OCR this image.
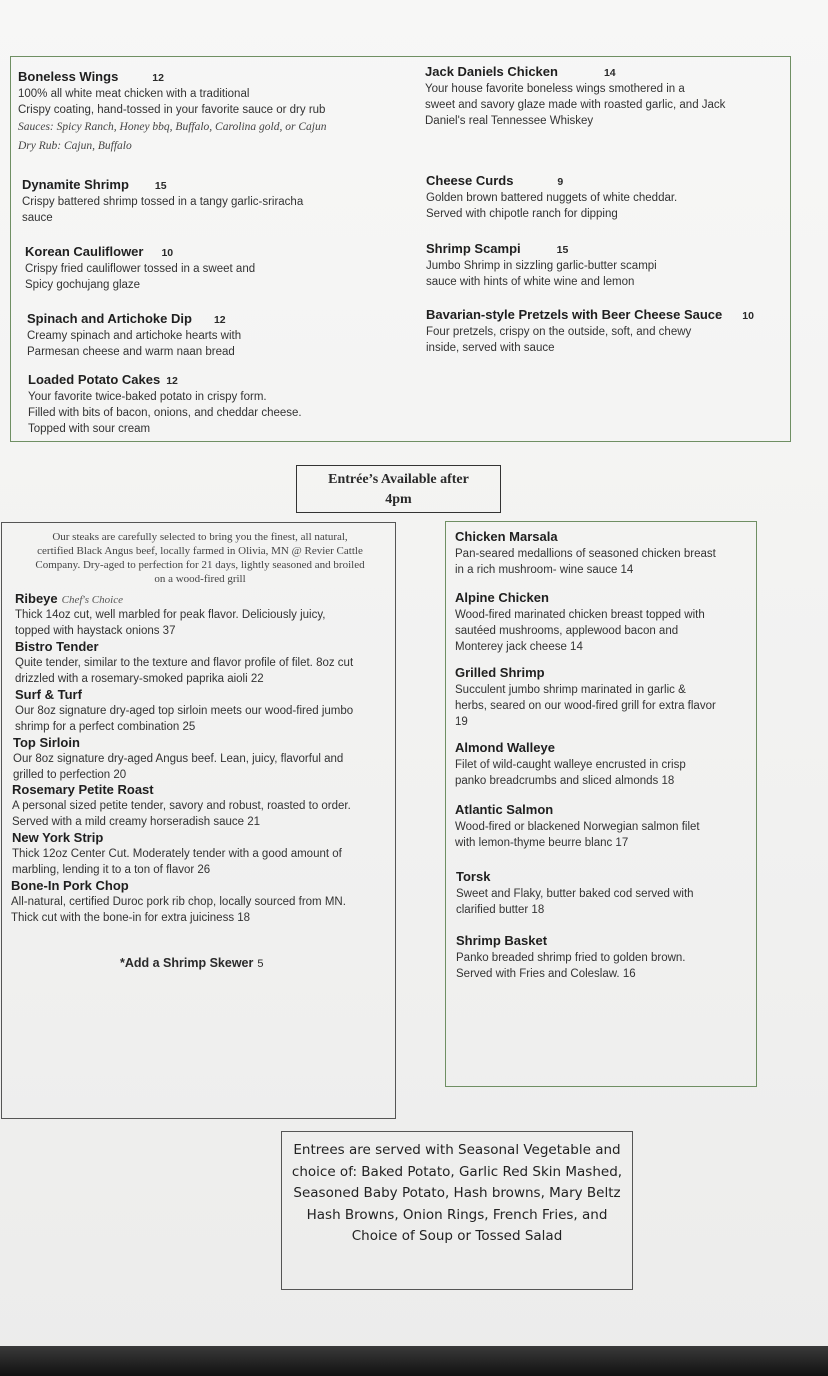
Boneless Wings	12
100% all white meat chicken with a traditional
Crispy coating, hand-tossed in your favorite sauce or dry rub
Sauces: Spicy Ranch, Honey bbq, Buffalo, Carolina gold, or Cajun
Dry Rub: Cajun, Buffalo
Dynamite Shrimp 15
Crispy battered shrimp tossed in a tangy garlic-sriracha
sauce
Korean Cauliflower 10
Crispy fried cauliflower tossed in a sweet and
Spicy gochujang glaze
Spinach and Artichoke Dip 12
Creamy spinach and artichoke hearts with
Parmesan cheese and warm naan bread
Loaded Potato Cakes 12
Your favorite twice-baked potato in crispy form.
Filled with bits of bacon, onions, and cheddar cheese.
Topped with sour cream
Jack Daniels Chicken	14
Your house favorite boneless wings smothered in a
sweet and savory glaze made with roasted garlic, and Jack
Daniel's real Tennessee Whiskey
Cheese Curds	9
Golden brown battered nuggets of white cheddar.
Served with chipotle ranch for dipping
Shrimp Scampi	15
Jumbo Shrimp in sizzling garlic-butter scampi
sauce with hints of white wine and lemon
Bavarian-style Pretzels with Beer Cheese Sauce 10
Four pretzels, crispy on the outside, soft, and chewy
inside, served with sauce
Entrée’s Available after
4pm
Our steaks are carefully selected to bring you the finest, all natural,
certified Black Angus beef, locally farmed in Olivia, MN @ Revier Cattle
Company. Dry-aged to perfection for 21 days, lightly seasoned and broiled
on a wood-fired grill
Ribeye Chef's Choice
Thick 14oz cut, well marbled for peak flavor. Deliciously juicy,
topped with haystack onions 37
Bistro Tender
Quite tender, similar to the texture and flavor profile of filet. 8oz cut
drizzled with a rosemary-smoked paprika aioli 22
Surf & Turf
Our 8oz signature dry-aged top sirloin meets our wood-fired jumbo
shrimp for a perfect combination 25
Top Sirloin
Our 8oz signature dry-aged Angus beef. Lean, juicy, flavorful and
grilled to perfection 20
Rosemary Petite Roast
A personal sized petite tender, savory and robust, roasted to order.
Served with a mild creamy horseradish sauce 21
New York Strip
Thick 12oz Center Cut. Moderately tender with a good amount of
marbling, lending it to a ton of flavor 26
Bone-In Pork Chop
All-natural, certified Duroc pork rib chop, locally sourced from MN.
Thick cut with the bone-in for extra juiciness 18
*Add a Shrimp Skewer 5
Chicken Marsala
Pan-seared medallions of seasoned chicken breast
in a rich mushroom- wine sauce 14
Alpine Chicken
Wood-fired marinated chicken breast topped with
sautéed mushrooms, applewood bacon and
Monterey jack cheese 14
Grilled Shrimp
Succulent jumbo shrimp marinated in garlic &
herbs, seared on our wood-fired grill for extra flavor
19
Almond Walleye
Filet of wild-caught walleye encrusted in crisp
panko breadcrumbs and sliced almonds 18
Atlantic Salmon
Wood-fired or blackened Norwegian salmon filet
with lemon-thyme beurre blanc 17
Torsk
Sweet and Flaky, butter baked cod served with
clarified butter 18
Shrimp Basket
Panko breaded shrimp fried to golden brown.
Served with Fries and Coleslaw. 16
Entrees are served with Seasonal Vegetable and choice of: Baked Potato, Garlic Red Skin Mashed, Seasoned Baby Potato, Hash browns, Mary Beltz Hash Browns, Onion Rings, French Fries, and Choice of Soup or Tossed Salad
